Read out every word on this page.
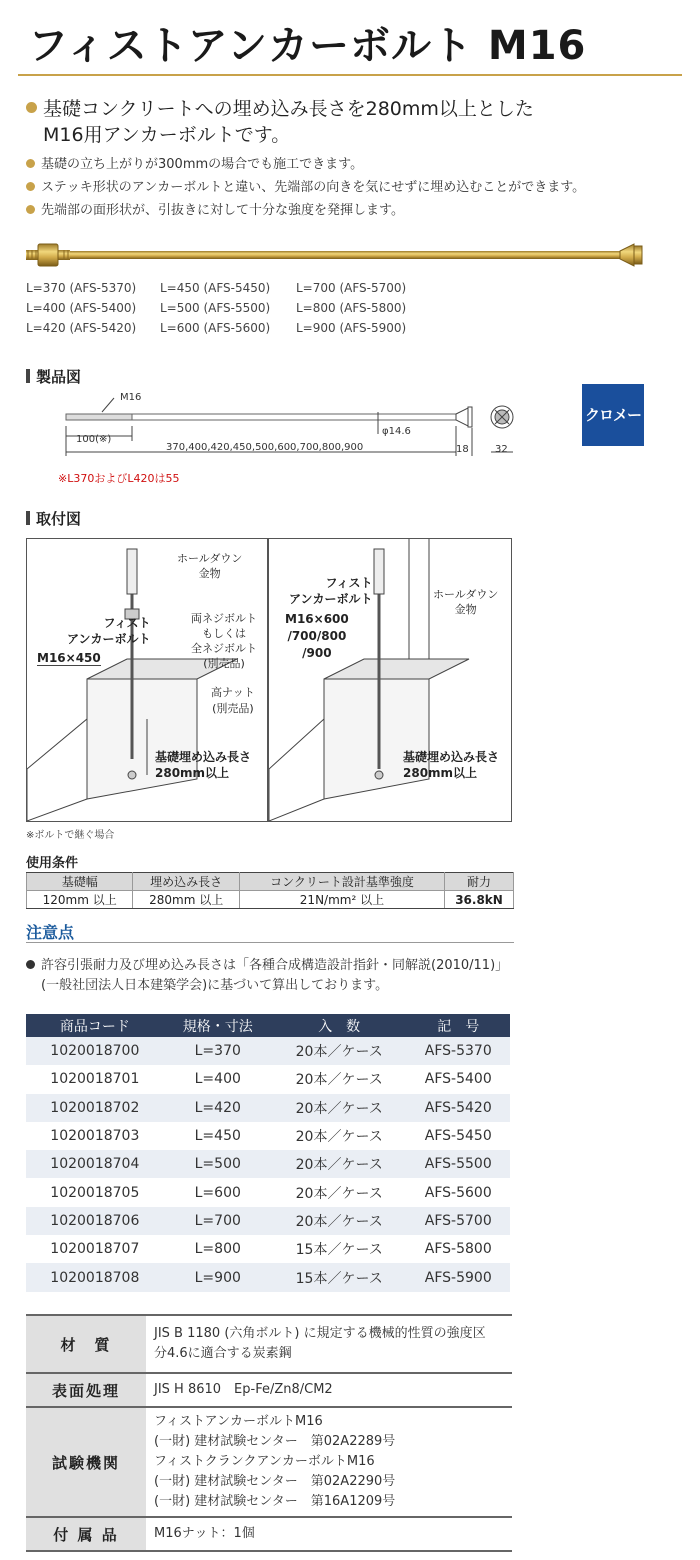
フィストアンカーボルト M16
基礎コンクリートへの埋め込み長さを280mm以上とした
M16用アンカーボルトです。
基礎の立ち上がりが300mmの場合でも施工できます。
ステッキ形状のアンカーボルトと違い、先端部の向きを気にせずに埋め込むことができます。
先端部の面形状が、引抜きに対して十分な強度を発揮します。
L=370 (AFS-5370)
L=400 (AFS-5400)
L=420 (AFS-5420)
L=450 (AFS-5450)
L=500 (AFS-5500)
L=600 (AFS-5600)
L=700 (AFS-5700)
L=800 (AFS-5800)
L=900 (AFS-5900)
製品図
M16
100(※)
370,400,420,450,500,600,700,800,900
φ14.6
18	32
クロメート
※L370およびL420は55
取付図
ホールダウン
金物
フィスト
アンカーボルト
M16×450
両ネジボルト
もしくは
全ネジボルト
(別売品)
高ナット
(別売品)
基礎埋め込み長さ
280mm以上
フィスト
アンカーボルト
M16×600
/700/800
/900
ホールダウン
金物
基礎埋め込み長さ
280mm以上
※ボルトで継ぐ場合
使用条件
基礎幅	埋め込み長さ	コンクリート設計基準強度	耐力
120mm 以上	280mm 以上	21N/mm² 以上	36.8kN
注意点
許容引張耐力及び埋め込み長さは「各種合成構造設計指針・同解説(2010/11)」
(一般社団法人日本建築学会)に基づいて算出しております。
商品コード	規格・寸法	入　数	記　号
1020018700	L=370	20本／ケース	AFS-5370
1020018701	L=400	20本／ケース	AFS-5400
1020018702	L=420	20本／ケース	AFS-5420
1020018703	L=450	20本／ケース	AFS-5450
1020018704	L=500	20本／ケース	AFS-5500
1020018705	L=600	20本／ケース	AFS-5600
1020018706	L=700	20本／ケース	AFS-5700
1020018707	L=800	15本／ケース	AFS-5800
1020018708	L=900	15本／ケース	AFS-5900
材　質	JIS B 1180 (六角ボルト) に規定する機械的性質の強度区
分4.6に適合する炭素鋼

表面処理	JIS H 8610　Ep-Fe/Zn8/CM2

試験機関	フィストアンカーボルトM16
(一財) 建材試験センター　第02A2289号
フィストクランクアンカーボルトM16
(一財) 建材試験センター　第02A2290号
(一財) 建材試験センター　第16A1209号

付 属 品	M16ナット：1個
